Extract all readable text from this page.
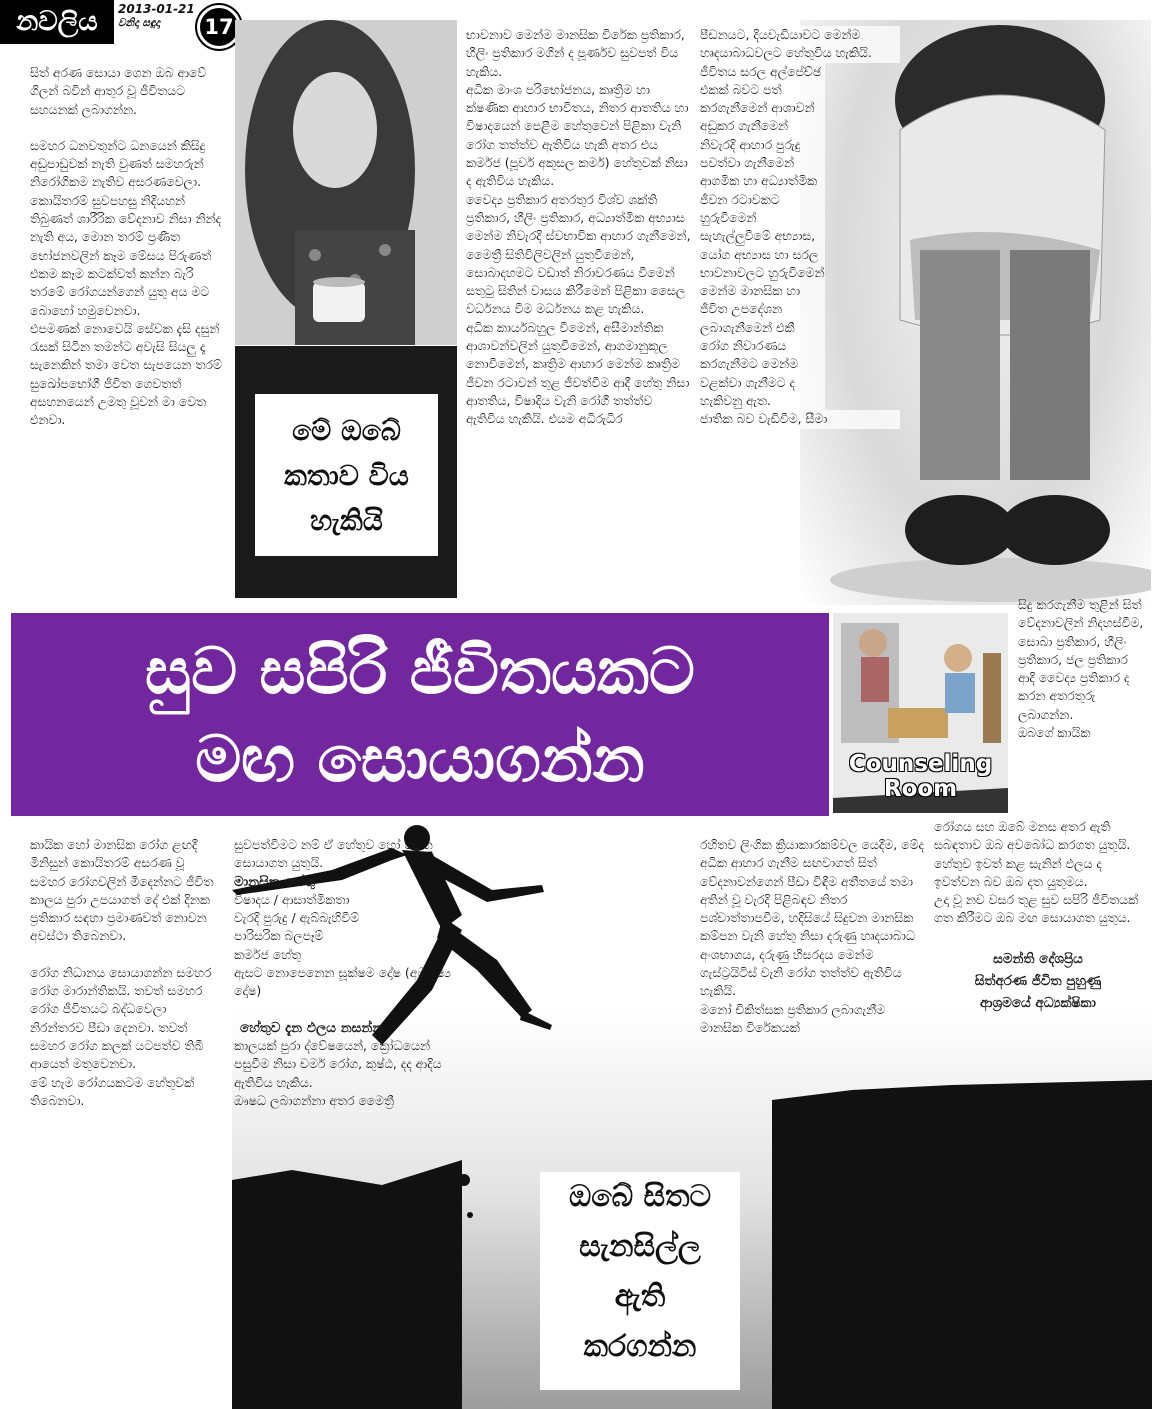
නවලිය	2013-01-21
වනිදා සඳුදා	17

සිත් අරණ සොයා ගෙන ඔබ ආවේ ගිලන් බවින් ආතුර වූ ජීවිතයට සහයනක් ලබාගන්න.

සමහර ධනවතුන්ට ධනයෙන් කිසිදු අඩුපාඩුවක් නැති වුණත් සමහරුන් නිරෝගිකම නැතිව අසරණවෙලා. කොයිතරම් සුවපහසු නිදියහන් තිබුණත් ශාරීරික වේදනාව නිසා නින්ද නැති අය, මොන තරම් ප්‍රණීත භෝජනවලින් කෑම මේසය පිරුණත් එකම කෑම කටක්වත් කන්න බැරි තරමේ රෝගයන්ගෙන් යුතු අය මට බොහෝ හමුවෙනවා.

එපමණක් නොවෙයි සේවක දැසි දසුන් රැසක් සිටින තමන්ට අවැසි සියලු දෑ සැනෙකින් තමා වෙත සැපයෙන තරම් සුඛෝපභෝගී ජීවිත ගෙවතත් අසහනයෙන් උමතු වූවන් මා වෙත එනවා.	මේ ඔබේ
කතාව විය
හැකියි

භාවනාව මෙන්ම මානසික විරේක ප්‍රතිකාර, හීලිං ප්‍රතිකාර මගින් ද පූර්ණව සුවපත් විය හැකිය.

අධික මාංශ පරිභෝජනය, කෘත්‍රිම හා ක්ෂණික ආහාර භාවිතය, නිතර ආතතිය හා විෂාදයෙන් පෙළීම හේතුවෙන් පිළිකා වැනි රෝග තත්ත්ව ඇතිවිය හැකි අතර එය කර්මජ (පූර්ව අකුසල කර්ම) හේතුවක් නිසා ද ඇතිවිය හැකිය.

වෛද්‍ය ප්‍රතිකාර අතරතුර විශ්ව ශක්ති ප්‍රතිකාර, හීලිං ප්‍රතිකාර, අධ්‍යාත්මික අභ්‍යාස මෙන්ම නිවැරදි ස්වභාවික ආහාර ගැනීමෙන්, මෛත්‍රී සිතිවිලිවලින් යුතුවීමෙන්, සොබාදහමට වඩාත් නිරාවරණය වීමෙන් සතුටු සිතින් වාසය කිරීමෙන් පිළිකා සෛල වර්ධනය වීම මර්ධනය කළ හැකිය.

අධික කාර්යබහුල වීමෙන්, අසීමාන්තික ආශාවන්වලින් යුතුවීමෙන්, ආගමානුකූල නොවීමෙන්, කෘත්‍රිම ආහාර මෙන්ම කෘත්‍රිම ජීවන රටාවන් තුළ ජීවත්වීම ආදී හේතු නිසා ආතතිය, විෂාදිය වැනි රෝගී තත්ත්ව ඇතිවිය හැකියි. එයම අධිරුධිර

පීඩනයට, දියවැඩියාවට මෙන්ම හෘදයාබාධවලට හේතුවිය හැකියි.

ජීවිතය සරල අල්පේච්ඡ එකක් බවට පත් කරගැනීමෙන් ආශාවන් අඩුකර ගැනීමෙන් නිවැරදි ආහාර පුරුදු පවත්වා ගැනීමෙන් ආගමික හා අධ්‍යාත්මික ජීවන රටාවකට හුරුවීමෙන් සැහැල්ලුවීමේ අභ්‍යාස, යෝග අභ්‍යාස හා සරල භාවනාවලට හුරුවීමෙන් මෙන්ම මානසික හා ජීවිත උපදේශන ලබාගැනීමෙන් එකී රෝග නිවාරණය කරගැනීමට මෙන්ම වළක්වා ගැනීමට ද හැකිවනු ඇත.

ජාතික බව වැඩිවීම, සීමා

සුව සපිරි ජීවිතයකට
මඟ සොයාගන්න	Counseling
Room

සිදු කරගැනීම තුළින් සිත් වේදනාවලින් නිදහස්වීම, සොබා ප්‍රතිකාර, හීලිං ප්‍රතිකාර, ජල ප්‍රතිකාර ආදි වෛද්‍ය ප්‍රතිකාර ද කරන අතරතුරු ලබාගන්න.

ඔබගේ කායික

කායික හෝ මානසික රෝග ළඟදී මිනිසුන් කොයිතරම් අසරණ වූ සමහර රෝගවලින් මිදෙන්නට ජීවිත කාලය පුරා උපයාගත් දේ එක් දිනක ප්‍රතිකාර සඳහා ප්‍රමාණවත් නොවන අවස්ථා තිබෙනවා.

රෝග නිධානය සොයාගන්න සමහර රෝග මාරාන්තිකයි. තවත් සමහර රෝග ජීවිතයට බද්ධවෙලා නිරන්තරව පීඩා දෙනවා. තවත් සමහර රෝග කලක් යටපත්ව තිබී ආයෙත් මතුවෙනවා.

මේ හැම රෝගයකටම හේතුවක් තිබෙනවා.

සුවපත්වීමට නම් ඒ හේතුව හෝ හේතු සොයාගත යුතුයි.

මානසික හේතු

විෂාදය / ආසාත්මිකතා

වැරදි පුරුදු / ඇබ්බැහිවීම්

පාරිසරික බලපෑම්

කර්මජ හේතු

ඇසට නොපෙනෙන සූක්ෂම දෝෂ (අමනුෂ්‍ය දෝෂ)

හේතුව දැන ඵලය නසන්න

කාලයක් පුරා ද්වේෂයෙන්, ක්‍රෝධයෙන් පසුවීම නිසා චර්ම රෝග, කුෂ්ඨ, දද ආදිය ඇතිවිය හැකිය.

ඖෂධ ලබාගන්නා අතර මෛත්‍රී

රහිතව ලිංගික ක්‍රියාකාරකම්වල යෙදීම, මේද අධික ආහාර ගැනීම සඟවාගත් සිත් වේදනාවන්ගෙන් පීඩා විඳීම අතීතයේ තමා අතින් වූ වැරදි පිළිබඳව නිතර පශ්චාත්තාපවීම, හදිසියේ සිදුවන මානසික කම්පන වැනි හේතු නිසා දරුණු හෘදයාබාධ අංශභාගය, දරුණු හිසරදය මෙන්ම ගැස්ට්‍රයිටිස් වැනි රෝග තත්ත්ව ඇතිවිය හැකියි.

මනෝ චිකිත්සක ප්‍රතිකාර ලබාගැනීම මානසික විරේකයක්

රෝගය සහ ඔබේ මනස අතර ඇති සබඳතාව ඔබ අවබෝධ කරගත යුතුයි. හේතුව ඉවත් කළ සැනින් ඵලය ද ඉවත්වන බව ඔබ දත යුතුමය.

උදා වූ නව වසර තුළ සුව සපිරි ජීවිතයක් ගත කිරීමට ඔබ මඟ සොයාගත යුතුය.

සමන්ති දේශප්‍රිය
සිත්අරණ ජීවිත පුහුණු
ආශ්‍රමයේ අධ්‍යක්ෂිකා
ඔබේ සිතට
සැනසිල්ල
ඇති
කරගන්න
